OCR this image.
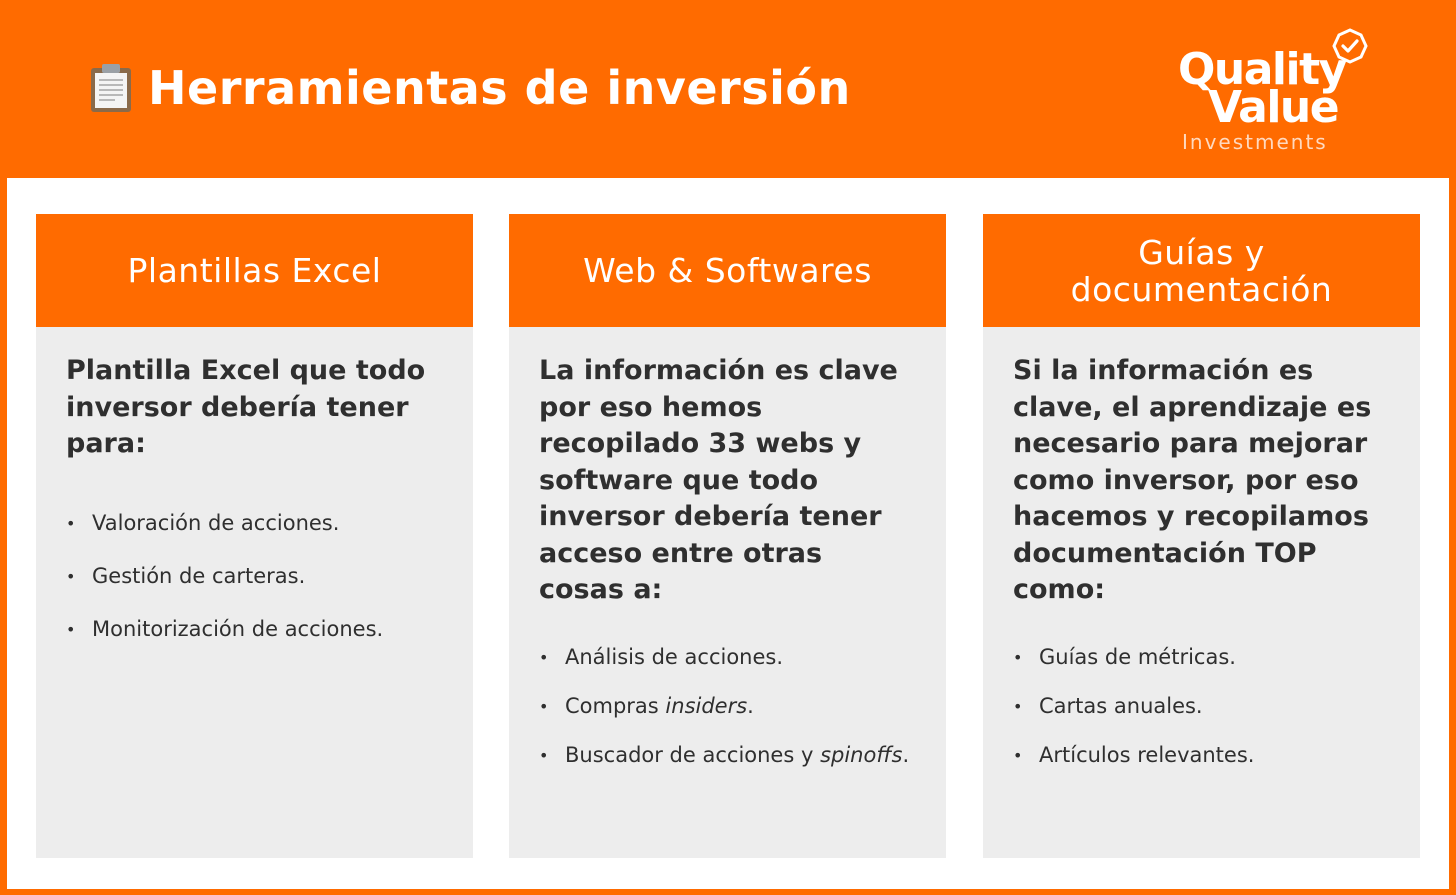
Herramientas de inversión	Quality
Value
Investments
Plantillas Excel

Plantilla Excel que todo inversor debería tener para:

• Valoración de acciones.
• Gestión de carteras.
• Monitorización de acciones.
Web & Softwares

La información es clave por eso hemos recopilado 33 webs y software que todo inversor debería tener acceso entre otras cosas a:

• Análisis de acciones.
• Compras insiders.
• Buscador de acciones y spinoffs.
Guías y
documentación

Si la información es clave, el aprendizaje es necesario para mejorar como inversor, por eso hacemos y recopilamos documentación TOP como:

• Guías de métricas.
• Cartas anuales.
• Artículos relevantes.
